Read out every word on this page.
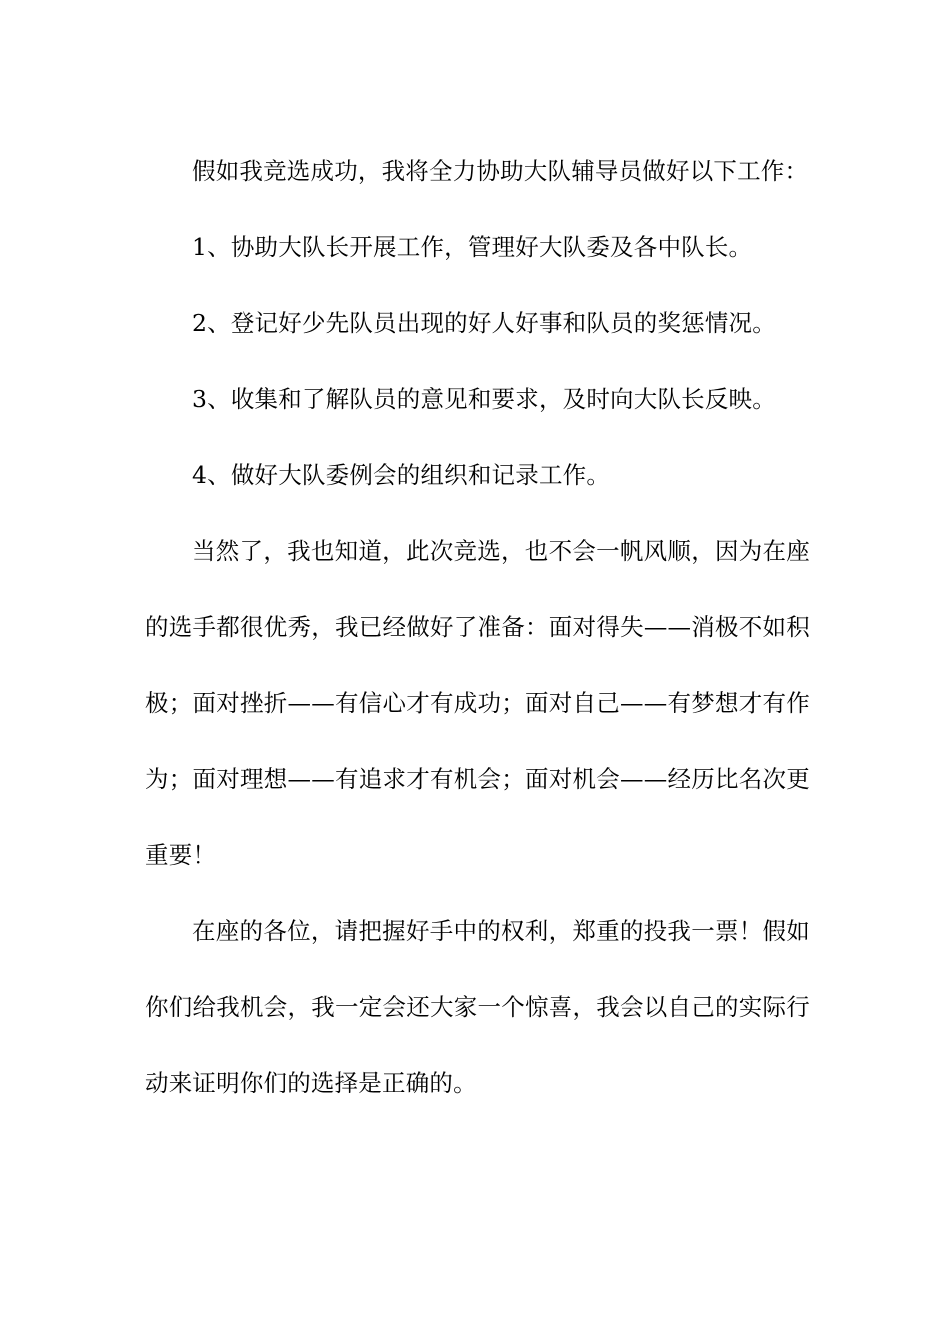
假如我竞选成功，我将全力协助大队辅导员做好以下工作：

1、协助大队长开展工作，管理好大队委及各中队长。

2、登记好少先队员出现的好人好事和队员的奖惩情况。

3、收集和了解队员的意见和要求，及时向大队长反映。

4、做好大队委例会的组织和记录工作。

当然了，我也知道，此次竞选，也不会一帆风顺，因为在座的选手都很优秀，我已经做好了准备：面对得失——消极不如积极；面对挫折——有信心才有成功；面对自己——有梦想才有作为；面对理想——有追求才有机会；面对机会——经历比名次更重要！

在座的各位，请把握好手中的权利，郑重的投我一票！假如你们给我机会，我一定会还大家一个惊喜，我会以自己的实际行动来证明你们的选择是正确的。
